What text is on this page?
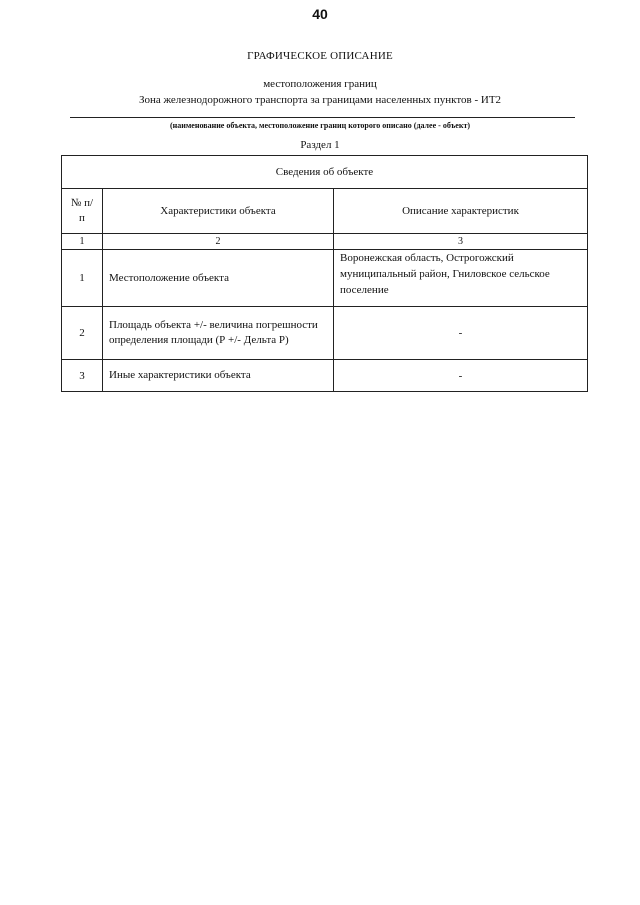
40
ГРАФИЧЕСКОЕ ОПИСАНИЕ
местоположения границ
Зона железнодорожного транспорта за границами населенных пунктов - ИТ2
(наименование объекта, местоположение границ которого описано (далее - объект)
Раздел 1
Сведения об объекте		
№ п/п	Характеристики объекта	Описание характеристик
1	2	3
1	Местоположение объекта	Воронежская область, Острогожский муниципальный район, Гниловское сельское поселение
2	Площадь объекта +/- величина погрешности определения площади (Р +/- Дельта Р)	-
3	Иные характеристики объекта	-
